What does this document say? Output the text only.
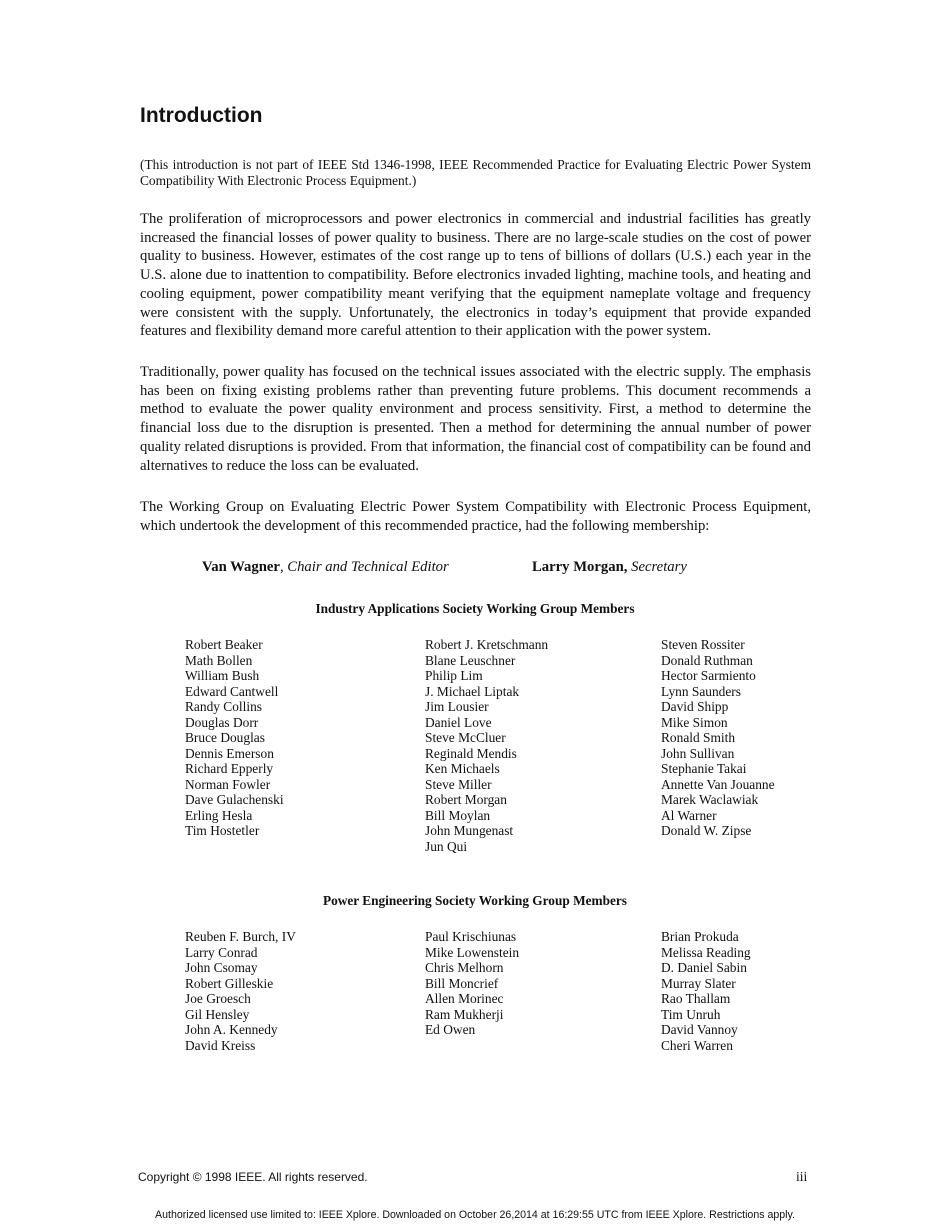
Introduction

(This introduction is not part of IEEE Std 1346-1998, IEEE Recommended Practice for Evaluating Electric Power System Compatibility With Electronic Process Equipment.)

The proliferation of microprocessors and power electronics in commercial and industrial facilities has greatly increased the financial losses of power quality to business. There are no large-scale studies on the cost of power quality to business. However, estimates of the cost range up to tens of billions of dollars (U.S.) each year in the U.S. alone due to inattention to compatibility. Before electronics invaded lighting, machine tools, and heating and cooling equipment, power compatibility meant verifying that the equipment nameplate voltage and frequency were consistent with the supply. Unfortunately, the electronics in today’s equipment that provide expanded features and flexibility demand more careful attention to their application with the power system.

Traditionally, power quality has focused on the technical issues associated with the electric supply. The emphasis has been on fixing existing problems rather than preventing future problems. This document recommends a method to evaluate the power quality environment and process sensitivity. First, a method to determine the financial loss due to the disruption is presented. Then a method for determining the annual number of power quality related disruptions is provided. From that information, the financial cost of compatibility can be found and alternatives to reduce the loss can be evaluated.

The Working Group on Evaluating Electric Power System Compatibility with Electronic Process Equipment, which undertook the development of this recommended practice, had the following membership:

Van Wagner, Chair and Technical Editor	Larry Morgan, Secretary
Industry Applications Society Working Group Members
Robert Beaker
Math Bollen
William Bush
Edward Cantwell
Randy Collins
Douglas Dorr
Bruce Douglas
Dennis Emerson
Richard Epperly
Norman Fowler
Dave Gulachenski
Erling Hesla
Tim Hostetler
Robert J. Kretschmann
Blane Leuschner
Philip Lim
J. Michael Liptak
Jim Lousier
Daniel Love
Steve McCluer
Reginald Mendis
Ken Michaels
Steve Miller
Robert Morgan
Bill Moylan
John Mungenast
Jun Qui
Steven Rossiter
Donald Ruthman
Hector Sarmiento
Lynn Saunders
David Shipp
Mike Simon
Ronald Smith
John Sullivan
Stephanie Takai
Annette Van Jouanne
Marek Waclawiak
Al Warner
Donald W. Zipse
Power Engineering Society Working Group Members
Reuben F. Burch, IV
Larry Conrad
John Csomay
Robert Gilleskie
Joe Groesch
Gil Hensley
John A. Kennedy
David Kreiss
Paul Krischiunas
Mike Lowenstein
Chris Melhorn
Bill Moncrief
Allen Morinec
Ram Mukherji
Ed Owen
Brian Prokuda
Melissa Reading
D. Daniel Sabin
Murray Slater
Rao Thallam
Tim Unruh
David Vannoy
Cheri Warren
Copyright © 1998 IEEE. All rights reserved.	iii
Authorized licensed use limited to: IEEE Xplore. Downloaded on October 26,2014 at 16:29:55 UTC from IEEE Xplore. Restrictions apply.
